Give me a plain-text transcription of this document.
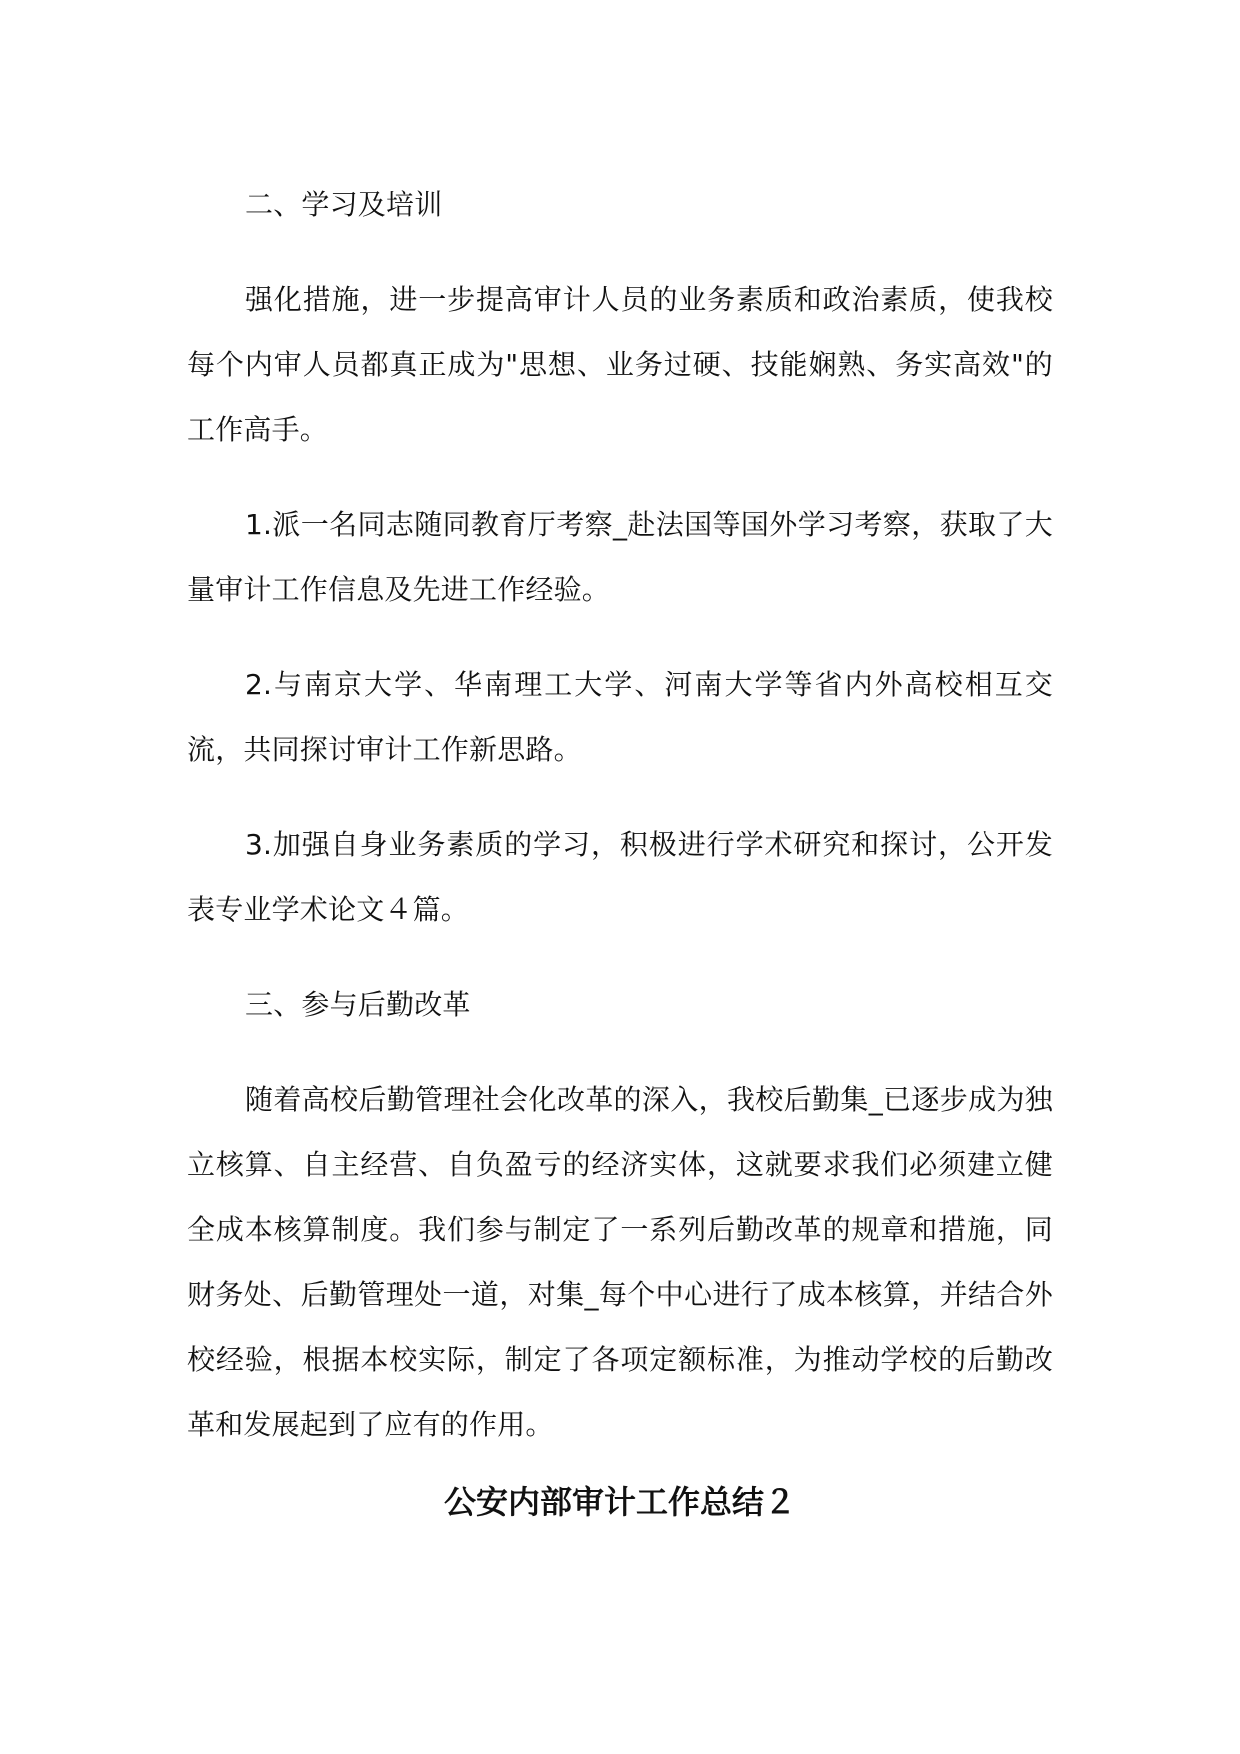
二、学习及培训

强化措施，进一步提高审计人员的业务素质和政治素质，使我校每个内审人员都真正成为"思想、业务过硬、技能娴熟、务实高效"的工作高手。

1.派一名同志随同教育厅考察_赴法国等国外学习考察，获取了大量审计工作信息及先进工作经验。

2.与南京大学、华南理工大学、河南大学等省内外高校相互交流，共同探讨审计工作新思路。

3.加强自身业务素质的学习，积极进行学术研究和探讨，公开发表专业学术论文４篇。

三、参与后勤改革

随着高校后勤管理社会化改革的深入，我校后勤集_已逐步成为独立核算、自主经营、自负盈亏的经济实体，这就要求我们必须建立健全成本核算制度。我们参与制定了一系列后勤改革的规章和措施，同财务处、后勤管理处一道，对集_每个中心进行了成本核算，并结合外校经验，根据本校实际，制定了各项定额标准，为推动学校的后勤改革和发展起到了应有的作用。

公安内部审计工作总结２
